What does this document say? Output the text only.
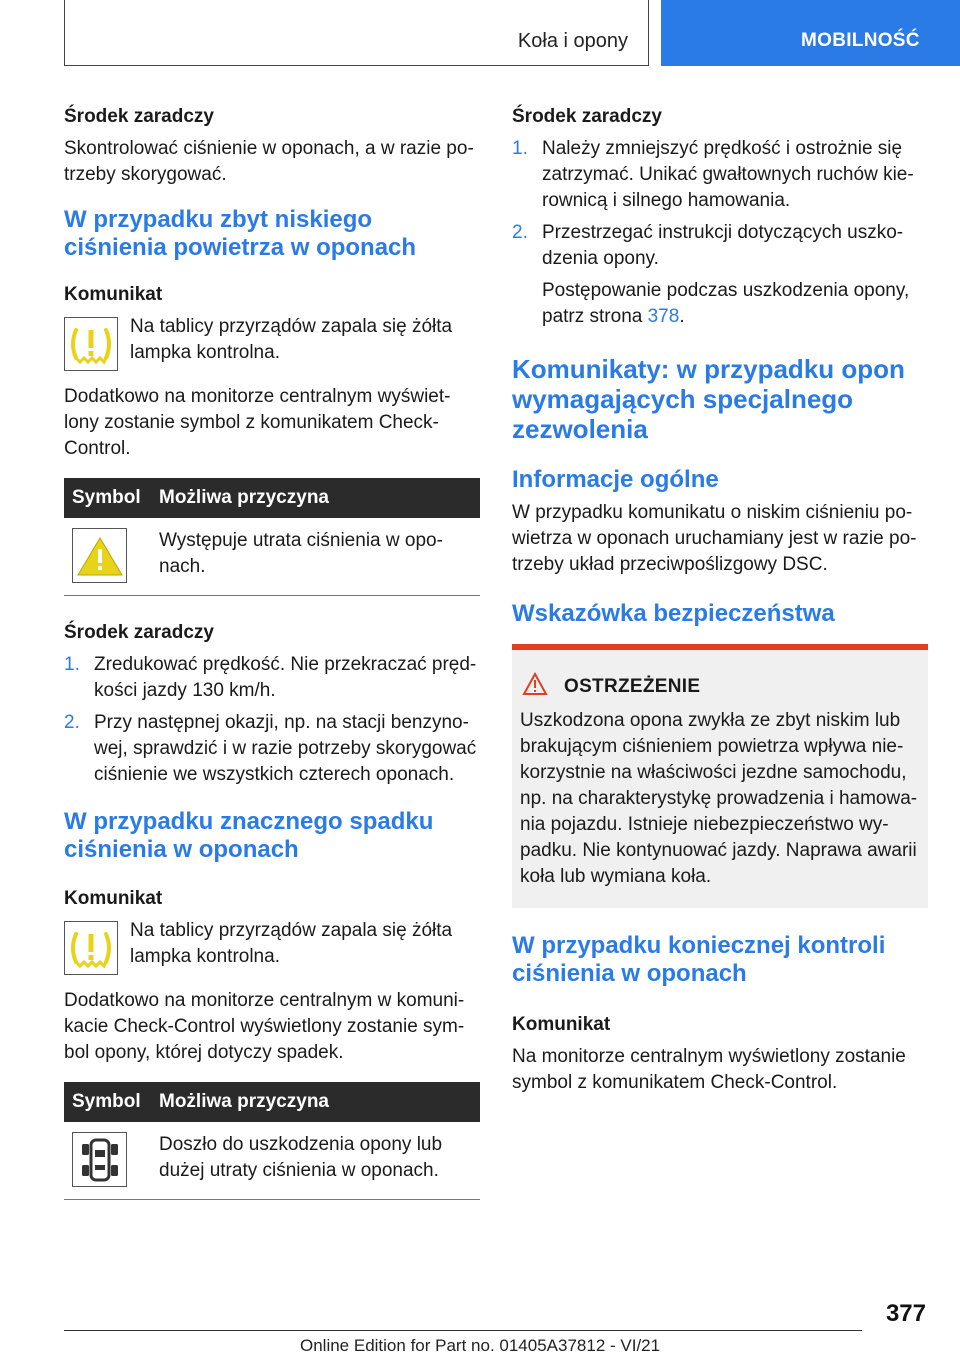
Koła i opony	MOBILNOŚĆ
Środek zaradczy

Skontrolować ciśnienie w oponach, a w razie po-trzeby skorygować.

W przypadku zbyt niskiego ciśnienia powietrza w oponach
Komunikat

Na tablicy przyrządów zapala się żółta lampka kontrolna.

Dodatkowo na monitorze centralnym wyświet-lony zostanie symbol z komunikatem Check-Control.

Symbol	Możliwa przyczyna

	Występuje utrata ciśnienia w opo-nach.
Środek zaradczy
1. Zredukować prędkość. Nie przekraczać pręd-kości jazdy 130 km/h.
2. Przy następnej okazji, np. na stacji benzyno-wej, sprawdzić i w razie potrzeby skorygować ciśnienie we wszystkich czterech oponach.
W przypadku znacznego spadku ciśnienia w oponach
Komunikat

Na tablicy przyrządów zapala się żółta lampka kontrolna.

Dodatkowo na monitorze centralnym w komuni-kacie Check-Control wyświetlony zostanie sym-bol opony, której dotyczy spadek.

Symbol	Możliwa przyczyna

	Doszło do uszkodzenia opony lub dużej utraty ciśnienia w oponach.
Środek zaradczy
1. Należy zmniejszyć prędkość i ostrożnie się zatrzymać. Unikać gwałtownych ruchów kie-rownicą i silnego hamowania.
2. Przestrzegać instrukcji dotyczących uszko-dzenia opony.

Postępowanie podczas uszkodzenia opony, patrz strona 378.

Komunikaty: w przypadku opon wymagających specjalnego zezwolenia
Informacje ogólne

W przypadku komunikatu o niskim ciśnieniu po-wietrza w oponach uruchamiany jest w razie po-trzeby układ przeciwpoślizgowy DSC.

Wskazówka bezpieczeństwa
OSTRZEŻENIE

Uszkodzona opona zwykła ze zbyt niskim lub brakującym ciśnieniem powietrza wpływa nie-korzystnie na właściwości jezdne samochodu, np. na charakterystykę prowadzenia i hamowa-nia pojazdu. Istnieje niebezpieczeństwo wy-padku. Nie kontynuować jazdy. Naprawa awarii koła lub wymiana koła.

W przypadku koniecznej kontroli ciśnienia w oponach
Komunikat

Na monitorze centralnym wyświetlony zostanie symbol z komunikatem Check-Control.

377
Online Edition for Part no. 01405A37812 - VI/21
